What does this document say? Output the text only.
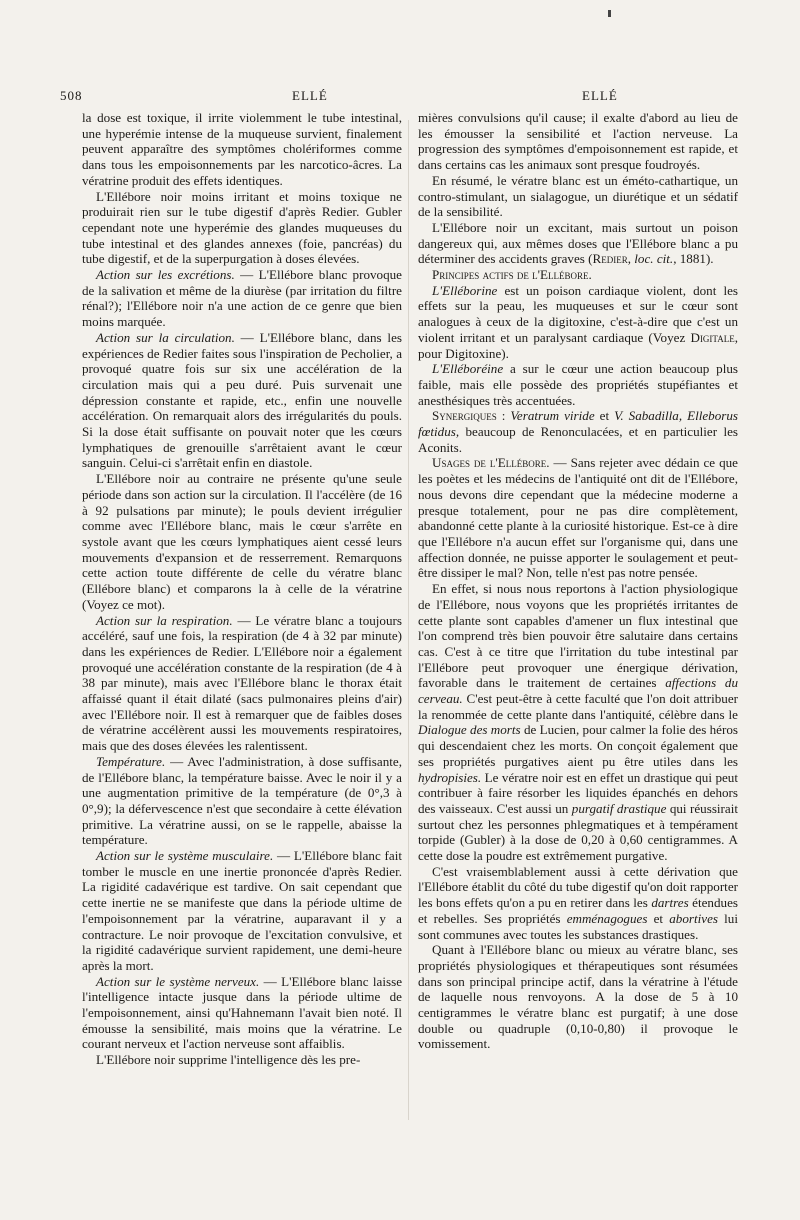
508	ELLÉ	ELLÉ

la dose est toxique, il irrite violemment le tube intestinal, une hyperémie intense de la muqueuse survient, finalement peuvent apparaître des symptômes cholériformes comme dans tous les empoisonnements par les narcotico-âcres. La vératrine produit des effets identiques.

L'Ellébore noir moins irritant et moins toxique ne produirait rien sur le tube digestif d'après Redier. Gubler cependant note une hyperémie des glandes muqueuses du tube intestinal et des glandes annexes (foie, pancréas) du tube digestif, et de la superpurgation à doses élevées.

Action sur les excrétions. — L'Ellébore blanc provoque de la salivation et même de la diurèse (par irritation du filtre rénal?); l'Ellébore noir n'a une action de ce genre que bien moins marquée.

Action sur la circulation. — L'Ellébore blanc, dans les expériences de Redier faites sous l'inspiration de Pecholier, a provoqué quatre fois sur six une accélération de la circulation mais qui a peu duré. Puis survenait une dépression constante et rapide, etc., enfin une nouvelle accélération. On remarquait alors des irrégularités du pouls. Si la dose était suffisante on pouvait noter que les cœurs lymphatiques de grenouille s'arrêtaient avant le cœur sanguin. Celui-ci s'arrêtait enfin en diastole.

L'Ellébore noir au contraire ne présente qu'une seule période dans son action sur la circulation. Il l'accélère (de 16 à 92 pulsations par minute); le pouls devient irrégulier comme avec l'Ellébore blanc, mais le cœur s'arrête en systole avant que les cœurs lymphatiques aient cessé leurs mouvements d'expansion et de resserrement. Remarquons cette action toute différente de celle du vératre blanc (Ellébore blanc) et comparons la à celle de la vératrine (Voyez ce mot).

Action sur la respiration. — Le vératre blanc a toujours accéléré, sauf une fois, la respiration (de 4 à 32 par minute) dans les expériences de Redier. L'Ellébore noir a également provoqué une accélération constante de la respiration (de 4 à 38 par minute), mais avec l'Ellébore blanc le thorax était affaissé quant il était dilaté (sacs pulmonaires pleins d'air) avec l'Ellébore noir. Il est à remarquer que de faibles doses de vératrine accélèrent aussi les mouvements respiratoires, mais que des doses élevées les ralentissent.

Température. — Avec l'administration, à dose suffisante, de l'Ellébore blanc, la température baisse. Avec le noir il y a une augmentation primitive de la température (de 0°,3 à 0°,9); la défervescence n'est que secondaire à cette élévation primitive. La vératrine aussi, on se le rappelle, abaisse la température.

Action sur le système musculaire. — L'Ellébore blanc fait tomber le muscle en une inertie prononcée d'après Redier. La rigidité cadavérique est tardive. On sait cependant que cette inertie ne se manifeste que dans la période ultime de l'empoisonnement par la vératrine, auparavant il y a contracture. Le noir provoque de l'excitation convulsive, et la rigidité cadavérique survient rapidement, une demi-heure après la mort.

Action sur le système nerveux. — L'Ellébore blanc laisse l'intelligence intacte jusque dans la période ultime de l'empoisonnement, ainsi qu'Hahnemann l'avait bien noté. Il émousse la sensibilité, mais moins que la vératrine. Le courant nerveux et l'action nerveuse sont affaiblis.

L'Ellébore noir supprime l'intelligence dès les pre-

mières convulsions qu'il cause; il exalte d'abord au lieu de les émousser la sensibilité et l'action nerveuse. La progression des symptômes d'empoisonnement est rapide, et dans certains cas les animaux sont presque foudroyés.

En résumé, le vératre blanc est un éméto-cathartique, un contro-stimulant, un sialagogue, un diurétique et un sédatif de la sensibilité.

L'Ellébore noir un excitant, mais surtout un poison dangereux qui, aux mêmes doses que l'Ellébore blanc a pu déterminer des accidents graves (Redier, loc. cit., 1881).

Principes actifs de l'Ellébore.

L'Elléborine est un poison cardiaque violent, dont les effets sur la peau, les muqueuses et sur le cœur sont analogues à ceux de la digitoxine, c'est-à-dire que c'est un violent irritant et un paralysant cardiaque (Voyez Digitale, pour Digitoxine).

L'Elléboréine a sur le cœur une action beaucoup plus faible, mais elle possède des propriétés stupéfiantes et anesthésiques très accentuées.

Synergiques : Veratrum viride et V. Sabadilla, Elleborus fœtidus, beaucoup de Renonculacées, et en particulier les Aconits.

Usages de l'Ellébore. — Sans rejeter avec dédain ce que les poètes et les médecins de l'antiquité ont dit de l'Ellébore, nous devons dire cependant que la médecine moderne a presque totalement, pour ne pas dire complètement, abandonné cette plante à la curiosité historique. Est-ce à dire que l'Ellébore n'a aucun effet sur l'organisme qui, dans une affection donnée, ne puisse apporter le soulagement et peut-être dissiper le mal? Non, telle n'est pas notre pensée.

En effet, si nous nous reportons à l'action physiologique de l'Ellébore, nous voyons que les propriétés irritantes de cette plante sont capables d'amener un flux intestinal que l'on comprend très bien pouvoir être salutaire dans certains cas. C'est à ce titre que l'irritation du tube intestinal par l'Ellébore peut provoquer une énergique dérivation, favorable dans le traitement de certaines affections du cerveau. C'est peut-être à cette faculté que l'on doit attribuer la renommée de cette plante dans l'antiquité, célèbre dans le Dialogue des morts de Lucien, pour calmer la folie des héros qui descendaient chez les morts. On conçoit également que ses propriétés purgatives aient pu être utiles dans les hydropisies. Le vératre noir est en effet un drastique qui peut contribuer à faire résorber les liquides épanchés en dehors des vaisseaux. C'est aussi un purgatif drastique qui réussirait surtout chez les personnes phlegmatiques et à tempérament torpide (Gubler) à la dose de 0,20 à 0,60 centigrammes. A cette dose la poudre est extrêmement purgative.

C'est vraisemblablement aussi à cette dérivation que l'Ellébore établit du côté du tube digestif qu'on doit rapporter les bons effets qu'on a pu en retirer dans les dartres étendues et rebelles. Ses propriétés emménagogues et abortives lui sont communes avec toutes les substances drastiques.

Quant à l'Ellébore blanc ou mieux au vératre blanc, ses propriétés physiologiques et thérapeutiques sont résumées dans son principal principe actif, dans la vératrine à l'étude de laquelle nous renvoyons. A la dose de 5 à 10 centigrammes le vératre blanc est purgatif; à une dose double ou quadruple (0,10-0,80) il provoque le vomissement.
